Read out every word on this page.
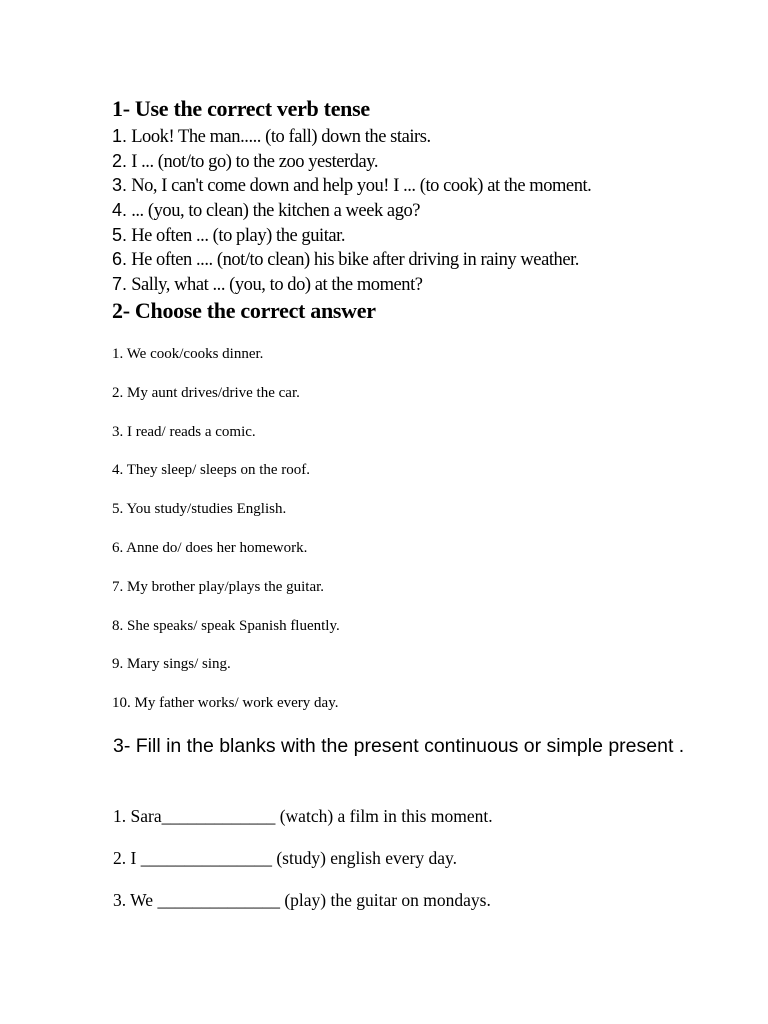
1- Use the correct verb tense
1. Look! The man..... (to fall) down the stairs.
2. I ... (not/to go) to the zoo yesterday.
3. No, I can't come down and help you! I ... (to cook) at the moment.
4. ... (you, to clean) the kitchen a week ago?
5. He often ... (to play) the guitar.
6. He often .... (not/to clean) his bike after driving in rainy weather.
7. Sally, what ... (you, to do) at the moment?
2- Choose the correct answer
1. We cook/cooks dinner.
2. My aunt drives/drive the car.
3. I read/ reads a comic.
4. They sleep/ sleeps on the roof.
5. You study/studies English.
6. Anne do/ does her homework.
7. My brother play/plays the guitar.
8. She speaks/ speak Spanish fluently.
9. Mary sings/ sing.
10. My father works/ work every day.
3- Fill in the blanks with the present continuous or simple present .
1. Sara_____________ (watch) a film in this moment.
2. I _______________ (study) english every day.
3. We ______________ (play) the guitar on mondays.
